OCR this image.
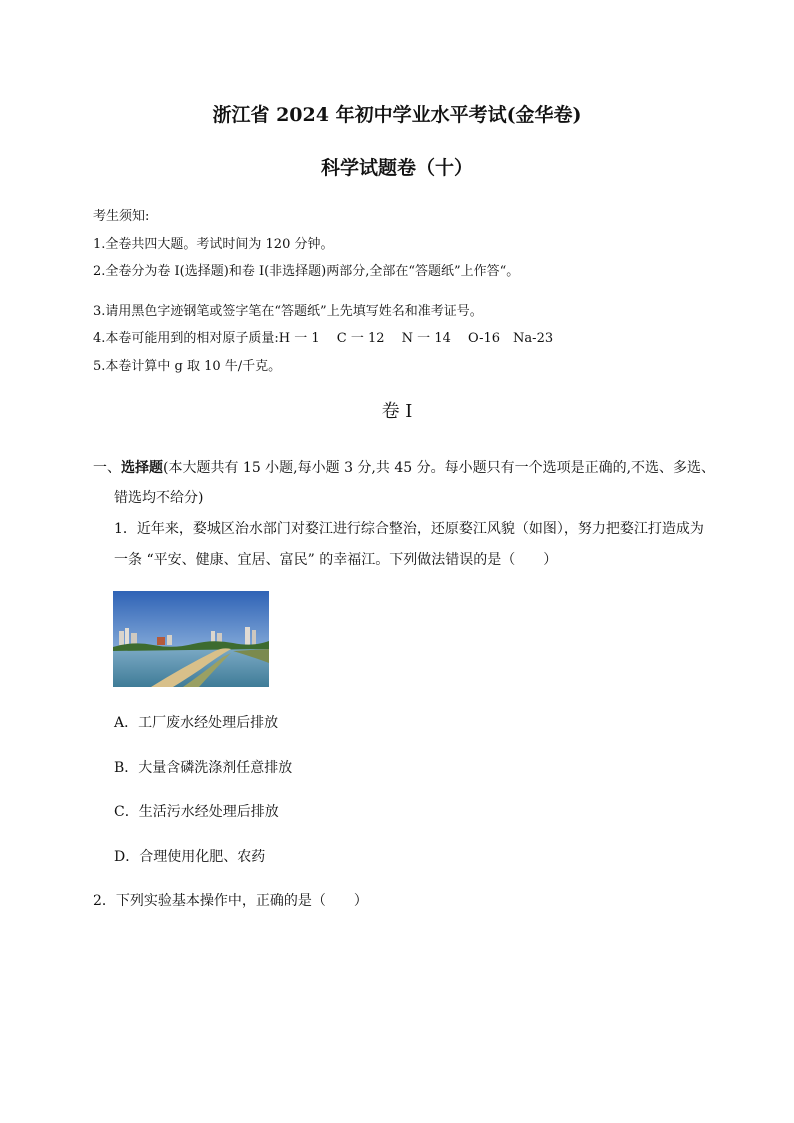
浙江省 2024 年初中学业水平考试(金华卷)
科学试题卷（十）
考生须知:
1.全卷共四大题。考试时间为 120 分钟。
2.全卷分为卷 I(选择题)和卷 I(非选择题)两部分,全部在“答题纸”上作答“。
3.请用黑色字迹钢笔或签字笔在“答题纸”上先填写姓名和准考证号。
4.本卷可能用到的相对原子质量:H 一 1　 C 一 12　 N 一 14　 O-16　Na-23
5.本卷计算中 g 取 10 牛/千克。
卷 I
一、选择题(本大题共有 15 小题,每小题 3 分,共 45 分。每小题只有一个选项是正确的,不选、多选、
错选均不给分)
1．近年来，婺城区治水部门对婺江进行综合整治，还原婺江风貌（如图），努力把婺江打造成为
一条 “平安、健康、宜居、富民” 的幸福江。下列做法错误的是（　　）
A．工厂废水经处理后排放
B．大量含磷洗涤剂任意排放
C．生活污水经处理后排放
D．合理使用化肥、农药
2．下列实验基本操作中，正确的是（　　）
